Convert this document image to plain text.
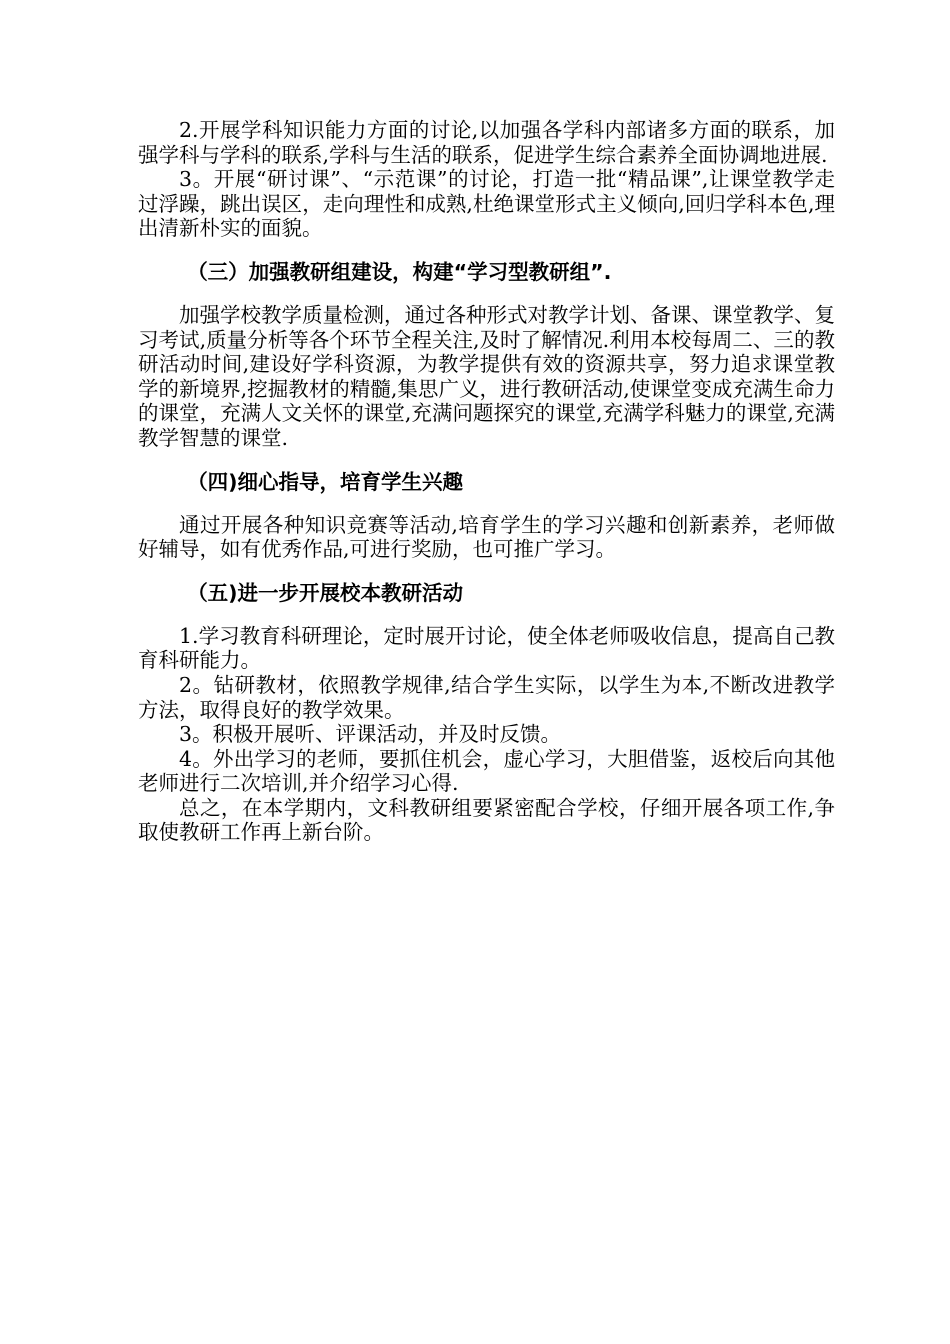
2.开展学科知识能力方面的讨论,以加强各学科内部诸多方面的联系，加强学科与学科的联系,学科与生活的联系，促进学生综合素养全面协调地进展.

3。开展“研讨课”、“示范课”的讨论，打造一批“精品课”,让课堂教学走过浮躁，跳出误区，走向理性和成熟,杜绝课堂形式主义倾向,回归学科本色,理出清新朴实的面貌。

（三）加强教研组建设，构建“学习型教研组”.

加强学校教学质量检测，通过各种形式对教学计划、备课、课堂教学、复习考试,质量分析等各个环节全程关注,及时了解情况.利用本校每周二、三的教研活动时间,建设好学科资源，为教学提供有效的资源共享，努力追求课堂教学的新境界,挖掘教材的精髓,集思广义，进行教研活动,使课堂变成充满生命力的课堂，充满人文关怀的课堂,充满问题探究的课堂,充满学科魅力的课堂,充满教学智慧的课堂.

（四)细心指导，培育学生兴趣

通过开展各种知识竞赛等活动,培育学生的学习兴趣和创新素养，老师做好辅导，如有优秀作品,可进行奖励，也可推广学习。

（五)进一步开展校本教研活动

1.学习教育科研理论，定时展开讨论，使全体老师吸收信息，提高自己教育科研能力。

2。钻研教材，依照教学规律,结合学生实际，以学生为本,不断改进教学方法，取得良好的教学效果。

3。积极开展听、评课活动，并及时反馈。

4。外出学习的老师，要抓住机会，虚心学习，大胆借鉴，返校后向其他老师进行二次培训,并介绍学习心得.

总之，在本学期内，文科教研组要紧密配合学校，仔细开展各项工作,争取使教研工作再上新台阶。
